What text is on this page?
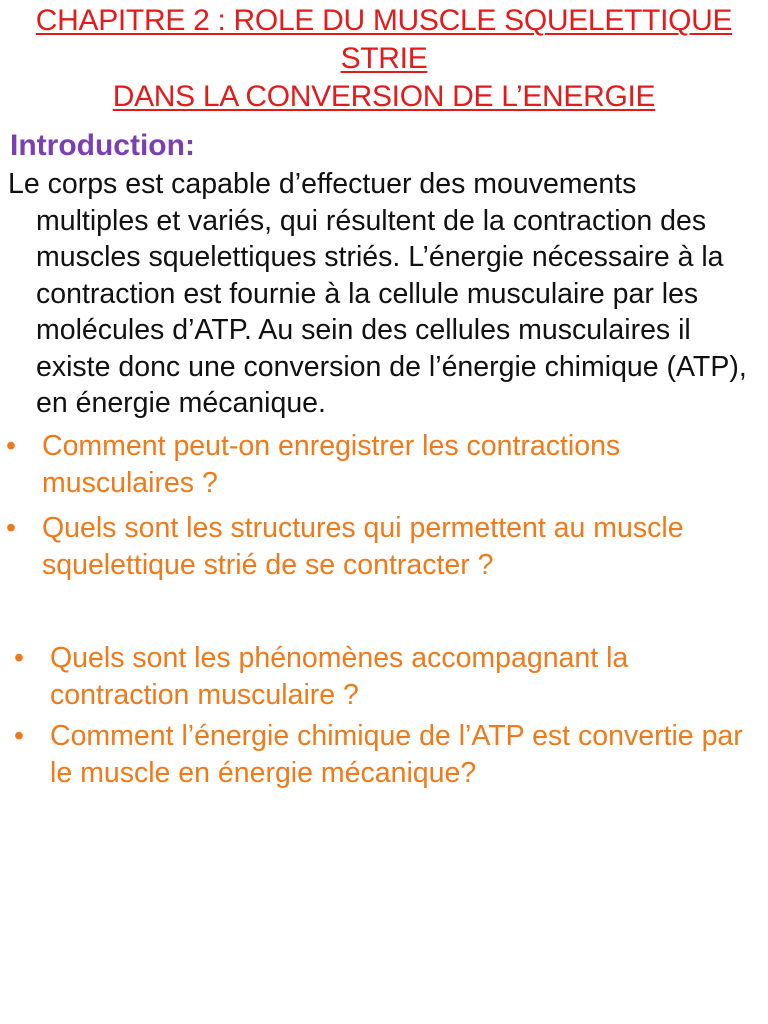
CHAPITRE 2 : ROLE DU MUSCLE SQUELETTIQUE STRIE
DANS LA CONVERSION DE L’ENERGIE
Introduction:

Le corps est capable d’effectuer des mouvements multiples et variés, qui résultent de la contraction des muscles squelettiques striés. L’énergie nécessaire à la contraction est fournie à la cellule musculaire par les molécules d’ATP. Au sein des cellules musculaires il existe donc une conversion de l’énergie chimique (ATP), en énergie mécanique.

• Comment peut-on enregistrer les contractions musculaires ?
• Quels sont les structures qui permettent au muscle squelettique strié de se contracter ?
• Quels sont les phénomènes accompagnant la contraction musculaire ?
• Comment l’énergie chimique de l’ATP est convertie par le muscle en énergie mécanique?
